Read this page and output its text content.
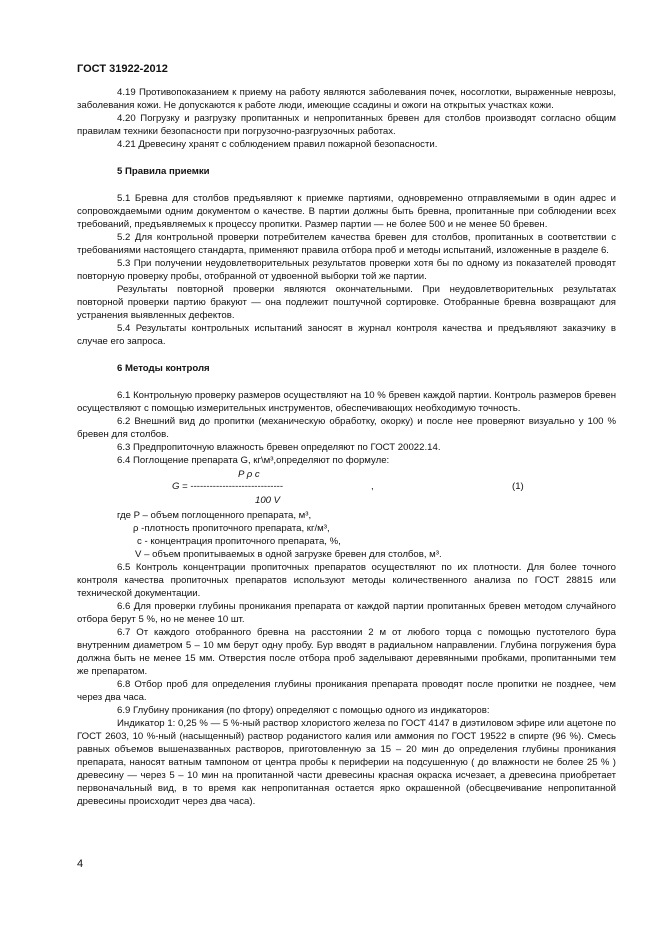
ГОСТ 31922-2012

4.19 Противопоказанием к приему на работу являются заболевания почек, носоглотки, выраженные неврозы, заболевания кожи. Не допускаются к работе люди, имеющие ссадины и ожоги на открытых участках кожи.

4.20 Погрузку и разгрузку пропитанных и непропитанных бревен для столбов производят согласно общим правилам техники безопасности при погрузочно-разгрузочных работах.

4.21 Древесину хранят с соблюдением правил пожарной безопасности.

5 Правила приемки

5.1 Бревна для столбов предъявляют к приемке партиями, одновременно отправляемыми в один адрес и сопровождаемыми одним документом о качестве. В партии должны быть бревна, пропитанные при соблюдении всех требований, предъявляемых к процессу пропитки. Размер партии — не более 500 и не менее 50 бревен.

5.2 Для контрольной проверки потребителем качества бревен для столбов, пропитанных в соответствии с требованиями настоящего стандарта, применяют правила отбора проб и методы испытаний, изложенные в разделе 6.

5.3 При получении неудовлетворительных результатов проверки хотя бы по одному из показателей проводят повторную проверку пробы, отобранной от удвоенной выборки той же партии.

Результаты повторной проверки являются окончательными. При неудовлетворительных результатах повторной проверки партию бракуют — она подлежит поштучной сортировке. Отобранные бревна возвращают для устранения выявленных дефектов.

5.4 Результаты контрольных испытаний заносят в журнал контроля качества и предъявляют заказчику в случае его запроса.

6 Методы контроля

6.1 Контрольную проверку размеров осуществляют на 10 % бревен каждой партии. Контроль размеров бревен осуществляют с помощью измерительных инструментов, обеспечивающих необходимую точность.

6.2 Внешний вид до пропитки (механическую обработку, окорку) и после нее проверяют визуально у 100 % бревен для столбов.

6.3 Предпропиточную влажность бревен определяют по ГОСТ 20022.14.

6.4 Поглощение препарата G, кг\м³,определяют по формуле:

P ρ c
G = -----------------------------	,	(1)
100 V

где P – объем поглощенного препарата, м³,

ρ -плотность пропиточного препарата, кг/м³,

c - концентрация пропиточного препарата, %,

V – объем пропитываемых в одной загрузке бревен для столбов, м³.

6.5 Контроль концентрации пропиточных препаратов осуществляют по их плотности. Для более точного контроля качества пропиточных препаратов используют методы количественного анализа по ГОСТ 28815 или технической документации.

6.6 Для проверки глубины проникания препарата от каждой партии пропитанных бревен методом случайного отбора берут 5 %, но не менее 10 шт.

6.7 От каждого отобранного бревна на расстоянии 2 м от любого торца с помощью пустотелого бура внутренним диаметром 5 – 10 мм берут одну пробу. Бур вводят в радиальном направлении. Глубина погружения бура должна быть не менее 15 мм. Отверстия после отбора проб заделывают деревянными пробками, пропитанными тем же препаратом.

6.8 Отбор проб для определения глубины проникания препарата проводят после пропитки не позднее, чем через два часа.

6.9 Глубину проникания (по фтору) определяют с помощью одного из индикаторов:

Индикатор 1: 0,25 % — 5 %-ный раствор хлористого железа по ГОСТ 4147 в диэтиловом эфире или ацетоне по ГОСТ 2603, 10 %-ный (насыщенный) раствор роданистого калия или аммония по ГОСТ 19522 в спирте (96 %). Смесь равных объемов вышеназванных растворов, приготовленную за 15 – 20 мин до определения глубины проникания препарата, наносят ватным тампоном от центра пробы к периферии на подсушенную ( до влажности не более 25 % ) древесину — через 5 – 10 мин на пропитанной части древесины красная окраска исчезает, а древесина приобретает первоначальный вид, в то время как непропитанная остается ярко окрашенной (обесцвечивание непропитанной древесины происходит через два часа).

4
